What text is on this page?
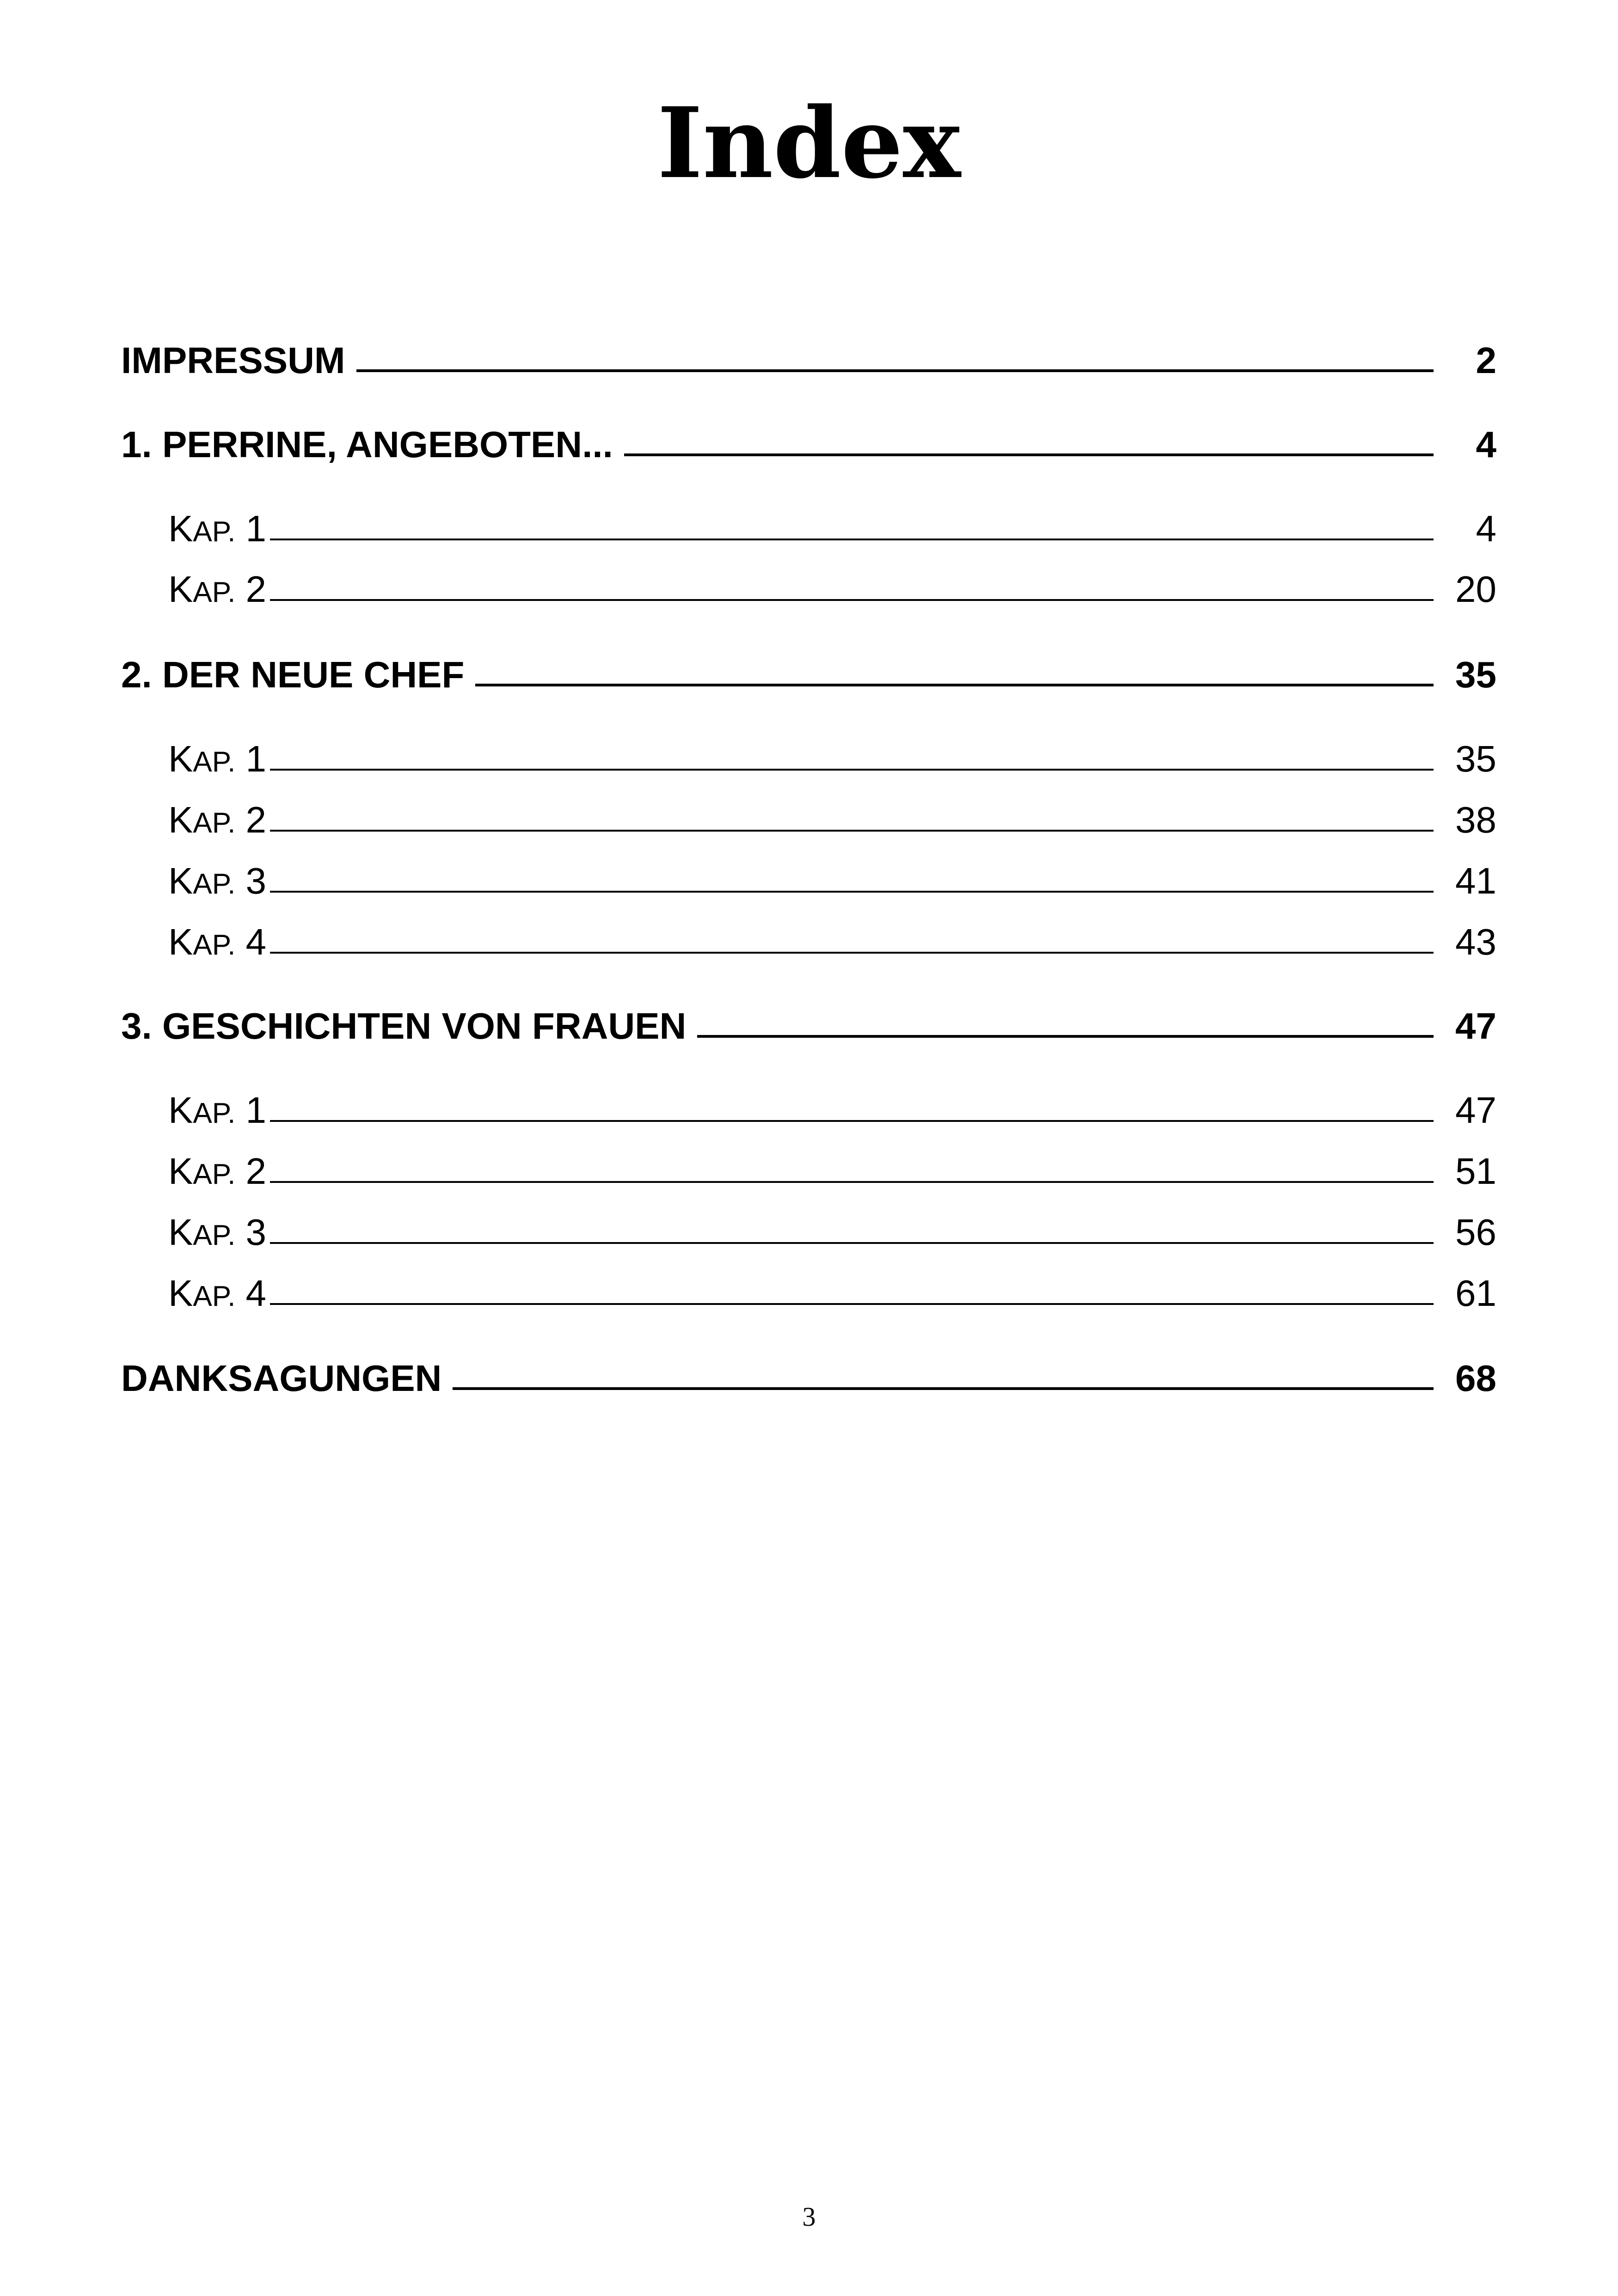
Index
IMPRESSUM	2
1. PERRINE, ANGEBOTEN...	4
KAP. 1	4
KAP. 2	20
2. DER NEUE CHEF	35
KAP. 1	35
KAP. 2	38
KAP. 3	41
KAP. 4	43
3. GESCHICHTEN VON FRAUEN	47
KAP. 1	47
KAP. 2	51
KAP. 3	56
KAP. 4	61
DANKSAGUNGEN	68
3
